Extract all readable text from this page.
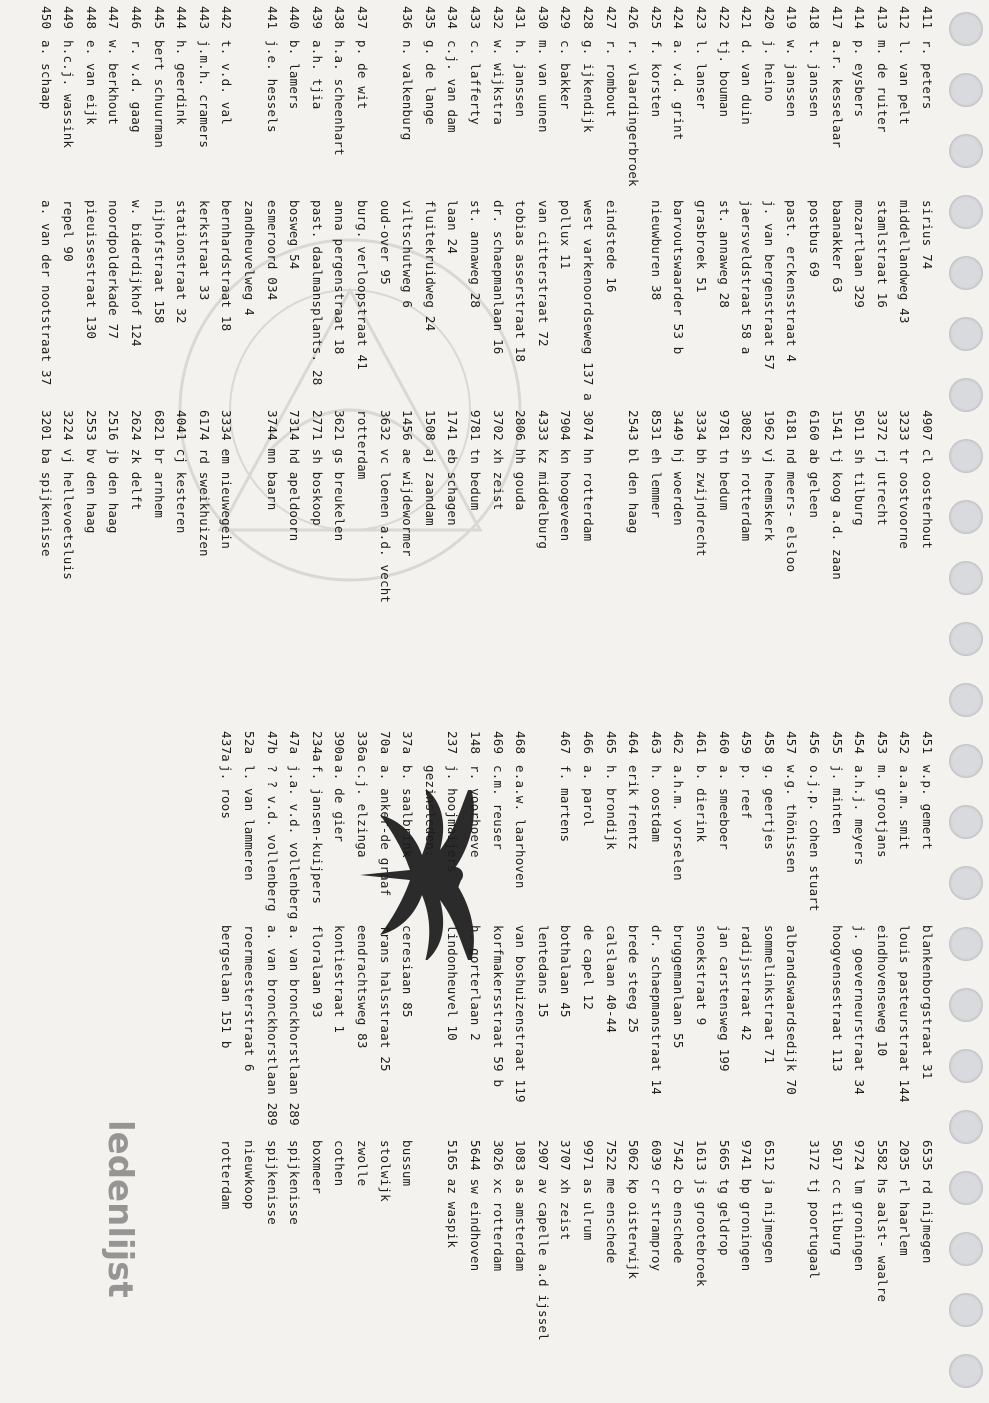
ledenlijst
411
r. peters
sirius 74
4907 cl oosterhout
412
l. van pelt
middellandweg 43
3233 tr oostvoorne
413
m. de ruiter
stamlstraat 16
3372 rj utrecht
414
p. eysbers
mozartlaan 329
5011 sh tilburg
417
a.r. kesselaar
baanakker 63
1541 tj koog a.d. zaan
418
t. janssen
postbus 69
6160 ab geleen
419
w. janssen
past. erckensstraat 4
6181 nd meers- elsloo
420
j. heino
j. van bergenstraat 57
1962 vj heemskerk
421
d. van duin
jaersveldstraat 58 a
3082 sh rotterdam
422
tj. bouman
st. annaweg 28
9781 tn bedum
423
l. lanser
grasbroek 51
3334 bh zwijndrecht
424
a. v.d. grint
barvoutswaarder 53 b
3449 hj woerden
425
f. korsten
nieuwburen 38
8531 eh lemmer
426
r. vlaardingerbroek
2543 bl den haag
427
r. rombout
eindstede 16
428
g. ijkendijk
west varkenoordseweg 137 a
3074 hn rotterdam
429
c. bakker
pollux 11
7904 kn hoogeveen
430
m. van uunen
van citterstraat 72
4333 kz middelburg
431
h. janssen
tobias asserstraat 18
2806 hh gouda
432
w. wijkstra
dr. schaepmanlaan 16
3702 xh zeist
433
c. lafferty
st. annaweg 28
9781 tn bedum
434
c.j. van dam
laan 24
1741 eb schagen
435
g. de lange
fluitekruidweg 24
1508 aj zaandam
436
n. valkenburg
viltschutweg 6
1456 ae wijdewormer
oud-over 95
3632 vc loenen a.d. vecht
437
p. de wit
burg. verloopstraat 41
rotterdam
438
h.a. scheenhart
anna pergenstraat 18
3621 gs breukelen
439
a.h. tjia
past. daalmansplants. 28
2771 sh boskoop
440
b. lamers
bosweg 54
7314 hd apeldoorn
441
j.e. hessels
esmeroord 034
3744 mn baarn
zandheuvelweg 4
442
t. v.d. val
bernhardstraat 18
3334 em nieuwegein
443
j.m.h. cramers
kerkstraat 33
6174 rd sweikhuizen
444
h. geerdink
stationstraat 32
4041 cj kesteren
445
bert schuurman
nijhofstraat 158
6821 br arnhem
446
r. v.d. gaag
w. biderdijkhof 124
2624 zk delft
447
w. berkhout
noordpolderkade 77
2516 jb den haag
448
e. van eijk
pieuissestraat 130
2553 bv den haag
449
h.c.j. wassink
repel 90
3224 vj hellevoetsluis
450
a. schaap
a. van der nootstraat 37
3201 ba spijkenisse
451
w.p. gemert
blankenborgstraat 31
6535 rd nijmegen
452
a.a.m. smit
louis pasteurstraat 144
2035 rl haarlem
453
m. grootjans
eindhovenseweg 10
5582 hs aalst- waalre
454
a.h.j. meyers
j. goeverneurstraat 34
9724 lm groningen
455
j. minten
hoogvensestraat 113
5017 cc tilburg
456
o.j.p. cohen stuart
3172 tj poortugaal
457
w.g. thönissen
albrandswaardsedijk 70
458
g. geertjes
sommelinkstraat 71
6512 ja nijmegen
459
p. reef
radijsstraat 42
9741 bp groningen
460
a. smeeboer
jan carstensweg 199
5665 tg geldrop
461
b. dierink
snoekstraat 9
1613 js grootebroek
462
a.h.m. vorselen
bruggemanlaan 55
7542 cb enschede
463
h. oostdam
dr. schaepmanstraat 14
6039 cr stramproy
464
erik frentz
brede steeg 25
5062 kp oisterwijk
465
h. brondijk
calslaan 40-44
7522 me enschede
466
a. parol
de capel 12
9971 as ulrum
467
f. martens
bothalaan 45
3707 xh zeist
lentedans 15
2907 av capelle a.d ijssel
468
e.a.w. laarhoven
van boshuizenstraat 119
1083 as amsterdam
469
c.m. reuser
korfmakersstraat 59 b
3026 xc rotterdam
148
r. voorhoeve
h. gorterlaan 2
5644 sw eindhoven
237
j. hoojmaijers
lindonheuvel 10
5165 az waspik
gezinsleden:
37a
b. saalbrink
ceresiaan 85
bussum
70a
a. anker-de graaf
frans halsstraat 25
stolwijk
336a
c.j. elzinga
eendrachtsweg 83
zwolle
390a
a. de gier
kontiestraat 1
cothen
234a
f. jansen-kuijpers
floralaan 93
boxmeer
47a
j.a. v.d. vollenberg
a. van bronckhorstlaan 289
spijkenisse
47b
? ? v.d. vollenberg
a. van bronckhorstlaan 289
spijkenisse
52a
l. van lammeren
roermeesterstraat 6
nieuwkoop
437a
j. roos
bergselaan 151 b
rotterdam
